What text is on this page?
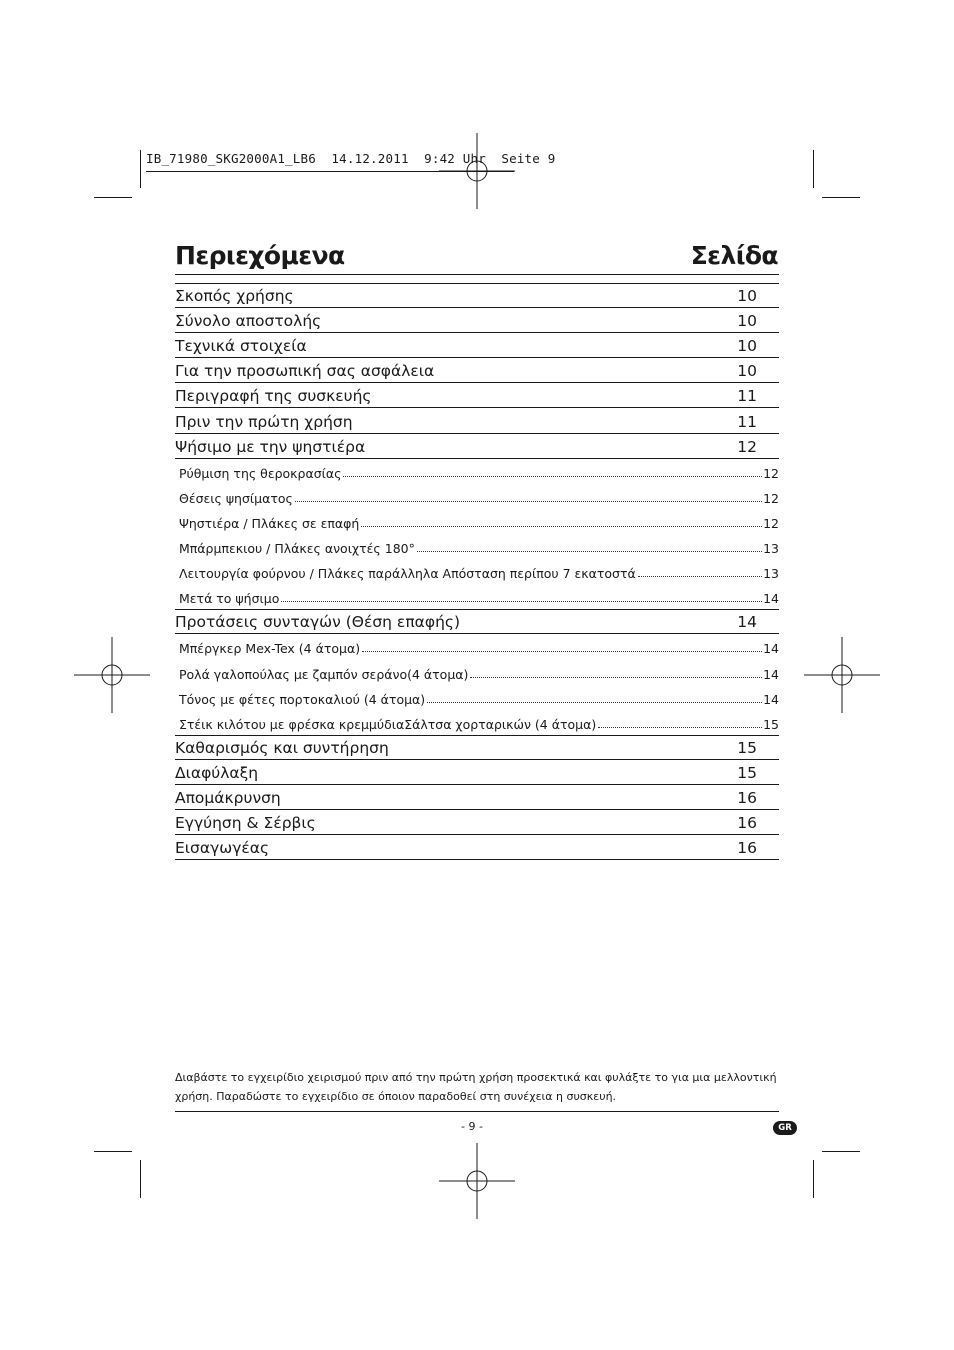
IB_71980_SKG2000A1_LB6  14.12.2011  9:42 Uhr  Seite 9
Περιεχόμενα	Σελίδα
Σκοπός χρήσης	10
Σύνολο αποστολής	10
Τεχνικά στοιχεία	10
Για την προσωπική σας ασφάλεια	10
Περιγραφή της συσκευής	11
Πριν την πρώτη χρήση	11
Ψήσιμο με την ψηστιέρα	12
Ρύθμιση της θερoκρασίας	12
Θέσεις ψησίματος	12
Ψηστιέρα / Πλάκες σε επαφή	12
Μπάρμπεκιου / Πλάκες ανοιχτές 180°	13
Λειτουργία φούρνου / Πλάκες παράλληλα Απόσταση περίπου 7 εκατοστά	13
Μετά το ψήσιμο	14
Προτάσεις συνταγών (Θέση επαφής)	14
Μπέργκερ Mex-Tex (4 άτομα)	14
Ρολά γαλοπούλας με ζαμπόν σεράνο(4 άτομα)	14
Τόνος με φέτες πορτοκαλιού (4 άτομα)	14
Στέικ κιλότου με φρέσκα κρεμμύδιαΣάλτσα χορταρικών (4 άτομα)	15
Καθαρισμός και συντήρηση	15
Διαφύλαξη	15
Απομάκρυνση	16
Εγγύηση & Σέρβις	16
Εισαγωγέας	16
Διαβάστε το εγχειρίδιο χειρισμού πριν από την πρώτη χρήση προσεκτικά και φυλάξτε το για μια μελλοντική χρήση. Παραδώστε το εγχειρίδιο σε όποιον παραδοθεί στη συνέχεια η συσκευή.
- 9 -	GR
